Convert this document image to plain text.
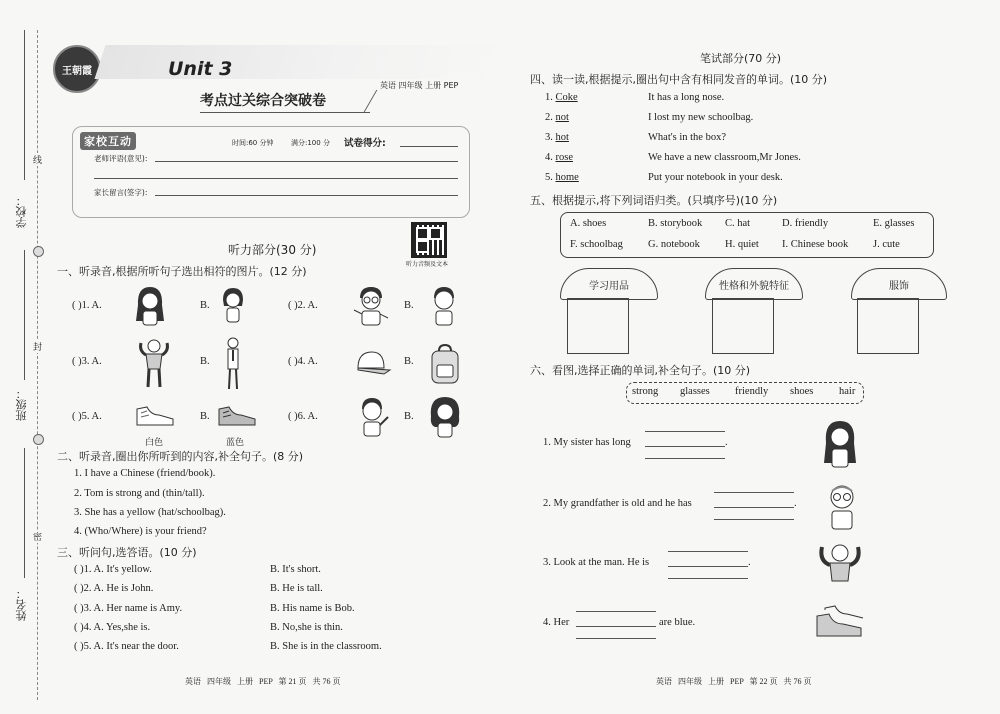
学校：
班级：
姓名：
线
封
密
王朝霞	Unit 3
英语 四年级 上册 PEP
考点过关综合突破卷
家校互动	时间:60 分钟	满分:100 分 试卷得分:
老师评语(意见):
家长留言(签字):
听力音频及文本
听力部分(30 分)
一、听录音,根据所听句子选出相符的图片。(12 分)
( )1. A.	B.	( )2. A.	B.
( )3. A.	B.	( )4. A.	B.
( )5. A.
白色
B.
蓝色
( )6. A.	B.
二、听录音,圈出你所听到的内容,补全句子。(8 分)
1. I have a Chinese (friend/book).
2. Tom is strong and (thin/tall).
3. She has a yellow (hat/schoolbag).
4. (Who/Where) is your friend?
三、听问句,选答语。(10 分)
( )1. A. It's yellow.	B. It's short.
( )2. A. He is John.	B. He is tall.
( )3. A. Her name is Amy.	B. His name is Bob.
( )4. A. Yes,she is.	B. No,she is thin.
( )5. A. It's near the door.	B. She is in the classroom.
英语   四年级   上册   PEP   第 21 页   共 76 页
笔试部分(70 分)
四、读一读,根据提示,圈出句中含有相同发音的单词。(10 分)
1. Coke	It has a long nose.
2. not	I lost my new schoolbag.
3. hot	What's in the box?
4. rose	We have a new classroom,Mr Jones.
5. home	Put your notebook in your desk.
五、根据提示,将下列词语归类。(只填序号)(10 分)
A. shoes	B. storybook C. hat	D. friendly	E. glasses
F. schoolbag G. notebook H. quiet I. Chinese book J. cute
学习用品	性格和外貌特征	服饰
六、看图,选择正确的单词,补全句子。(10 分)
strong glasses friendly shoes hair
1. My sister has long	.
2. My grandfather is old and he has	.
3. Look at the man. He is	.
4. Her	are blue.
英语   四年级   上册   PEP   第 22 页   共 76 页
